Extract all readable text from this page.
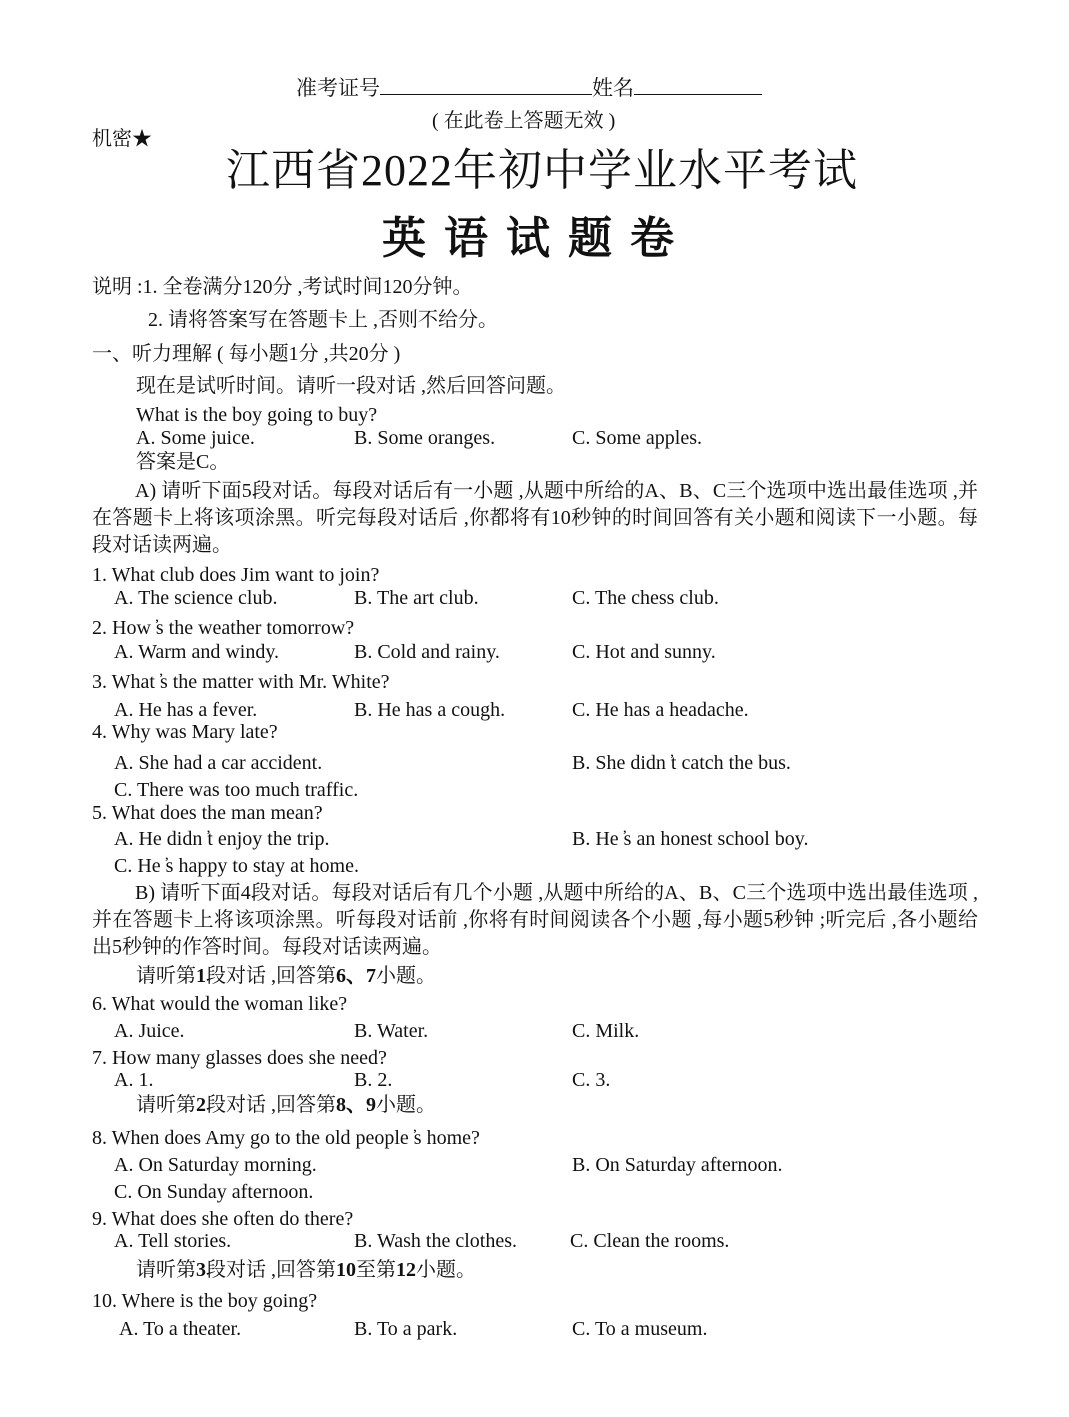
准考证号	姓名
( 在此卷上答题无效 )
机密★
江西省2022年初中学业水平考试
英语试题卷
说明 :1. 全卷满分120分 ,考试时间120分钟。
2. 请将答案写在答题卡上 ,否则不给分。
一、听力理解 ( 每小题1分 ,共20分 )
现在是试听时间。请听一段对话 ,然后回答问题。
What is the boy going to buy?
A. Some juice.	B. Some oranges.	C. Some apples.
答案是C。
A) 请听下面5段对话。每段对话后有一小题 ,从题中所给的A、B、C三个选项中选出最佳选项 ,并在答题卡上将该项涂黑。听完每段对话后 ,你都将有10秒钟的时间回答有关小题和阅读下一小题。每段对话读两遍。
1. What club does Jim want to join?
A. The science club.	B. The art club.	C. The chess club.
2. How ̕s the weather tomorrow?
A. Warm and windy.	B. Cold and rainy.	C. Hot and sunny.
3. What ̕s the matter with Mr. White?
A. He has a fever.	B. He has a cough.	C. He has a headache.
4. Why was Mary late?
A. She had a car accident.	B. She didn ̕t catch the bus.
C. There was too much traffic.
5. What does the man mean?
A. He didn ̕t enjoy the trip.	B. He ̕s an honest school boy.
C. He ̕s happy to stay at home.
B) 请听下面4段对话。每段对话后有几个小题 ,从题中所给的A、B、C三个选项中选出最佳选项 ,并在答题卡上将该项涂黑。听每段对话前 ,你将有时间阅读各个小题 ,每小题5秒钟 ;听完后 ,各小题给出5秒钟的作答时间。每段对话读两遍。
请听第1段对话 ,回答第6、7小题。
6. What would the woman like?
A. Juice.	B. Water.	C. Milk.
7. How many glasses does she need?
A. 1.	B. 2.	C. 3.
请听第2段对话 ,回答第8、9小题。
8. When does Amy go to the old people ̕s home?
A. On Saturday morning.	B. On Saturday afternoon.
C. On Sunday afternoon.
9. What does she often do there?
A. Tell stories.	B. Wash the clothes.	C. Clean the rooms.
请听第3段对话 ,回答第10至第12小题。
10. Where is the boy going?
A. To a theater.	B. To a park.	C. To a museum.
